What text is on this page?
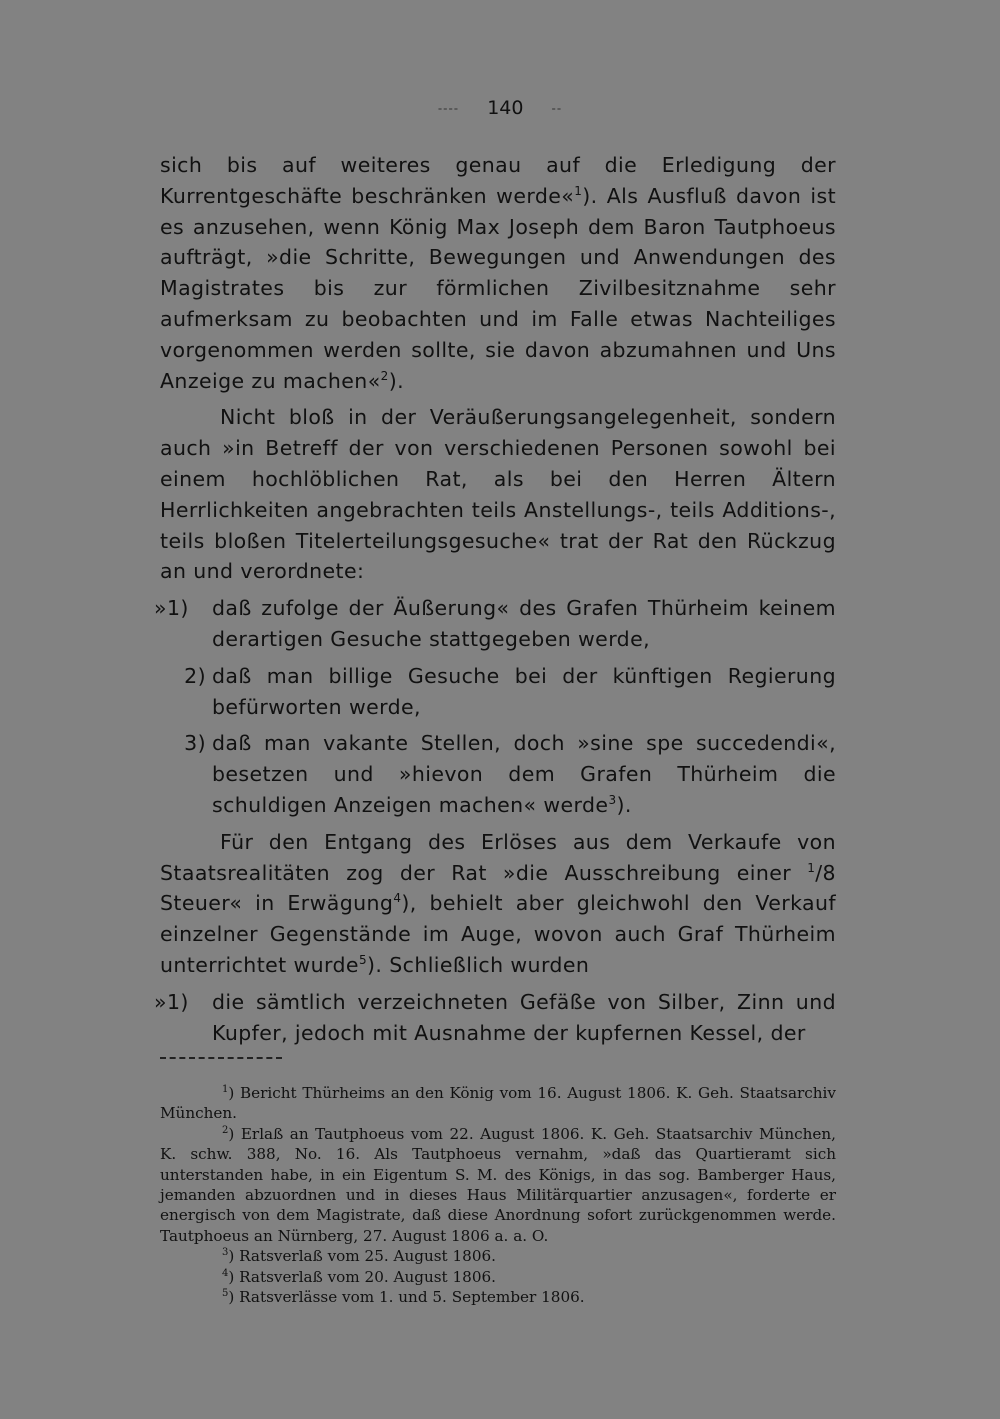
---- 140 --

sich bis auf weiteres genau auf die Erledigung der Kurrentgeschäfte beschränken werde«$^1$). Als Ausfluß davon ist es anzusehen, wenn König Max Joseph dem Baron Tautphoeus aufträgt, »die Schritte, Bewegungen und Anwendungen des Magistrates bis zur förmlichen Zivilbesitznahme sehr aufmerksam zu beobachten und im Falle etwas Nachteiliges vorgenommen werden sollte, sie davon abzumahnen und Uns Anzeige zu machen«$^2$).

Nicht bloß in der Veräußerungsangelegenheit, sondern auch »in Betreff der von verschiedenen Personen sowohl bei einem hochlöblichen Rat, als bei den Herren Ältern Herrlichkeiten angebrachten teils Anstellungs-, teils Additions-, teils bloßen Titelerteilungsgesuche« trat der Rat den Rückzug an und verordnete:

»1)	daß zufolge der Äußerung« des Grafen Thürheim keinem derartigen Gesuche stattgegeben werde,

2) daß man billige Gesuche bei der künftigen Regierung befürworten werde,

3) daß man vakante Stellen, doch »sine spe succedendi«, besetzen und »hievon dem Grafen Thürheim die schuldigen Anzeigen machen« werde$^3$).

Für den Entgang des Erlöses aus dem Verkaufe von Staatsrealitäten zog der Rat »die Ausschreibung einer $^1$/8 Steuer« in Erwägung$^4$), behielt aber gleichwohl den Verkauf einzelner Gegenstände im Auge, wovon auch Graf Thürheim unterrichtet wurde$^5$). Schließlich wurden

»1)	die sämtlich verzeichneten Gefäße von Silber, Zinn und Kupfer, jedoch mit Ausnahme der kupfernen Kessel, der

$^1$) Bericht Thürheims an den König vom 16. August 1806. K. Geh. Staatsarchiv München.

$^2$) Erlaß an Tautphoeus vom 22. August 1806. K. Geh. Staatsarchiv München, K. schw. 388, No. 16. Als Tautphoeus vernahm, »daß das Quartieramt sich unterstanden habe, in ein Eigentum S. M. des Königs, in das sog. Bamberger Haus, jemanden abzuordnen und in dieses Haus Militärquartier anzusagen«, forderte er energisch von dem Magistrate, daß diese Anordnung sofort zurückgenommen werde. Tautphoeus an Nürnberg, 27. August 1806 a. a. O.

$^3$) Ratsverlaß vom 25. August 1806.

$^4$) Ratsverlaß vom 20. August 1806.

$^5$) Ratsverlässe vom 1. und 5. September 1806.
